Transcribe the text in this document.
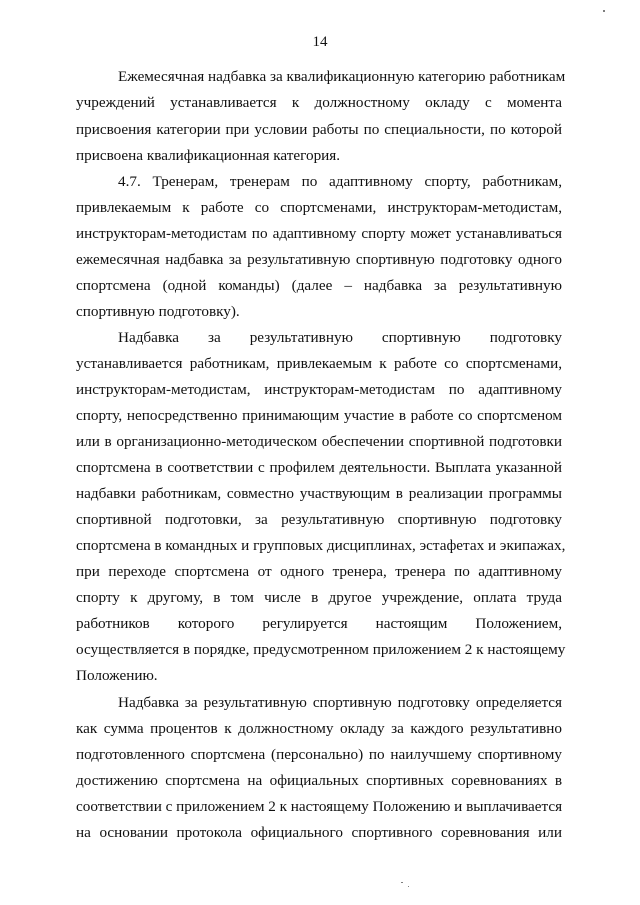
14
Ежемесячная надбавка за квалификационную категорию работникам
учреждений устанавливается к должностному окладу с момента
присвоения категории при условии работы по специальности, по которой
присвоена квалификационная категория.
4.7. Тренерам, тренерам по адаптивному спорту, работникам,
привлекаемым к работе со спортсменами, инструкторам-методистам,
инструкторам-методистам по адаптивному спорту может устанавливаться
ежемесячная надбавка за результативную спортивную подготовку одного
спортсмена (одной команды) (далее – надбавка за результативную
спортивную подготовку).
Надбавка за результативную спортивную подготовку
устанавливается работникам, привлекаемым к работе со спортсменами,
инструкторам-методистам, инструкторам-методистам по адаптивному
спорту, непосредственно принимающим участие в работе со спортсменом
или в организационно-методическом обеспечении спортивной подготовки
спортсмена в соответствии с профилем деятельности. Выплата указанной
надбавки работникам, совместно участвующим в реализации программы
спортивной подготовки, за результативную спортивную подготовку
спортсмена в командных и групповых дисциплинах, эстафетах и экипажах,
при переходе спортсмена от одного тренера, тренера по адаптивному
спорту к другому, в том числе в другое учреждение, оплата труда
работников которого регулируется настоящим Положением,
осуществляется в порядке, предусмотренном приложением 2 к настоящему
Положению.
Надбавка за результативную спортивную подготовку определяется
как сумма процентов к должностному окладу за каждого результативно
подготовленного спортсмена (персонально) по наилучшему спортивному
достижению спортсмена на официальных спортивных соревнованиях в
соответствии с приложением 2 к настоящему Положению и выплачивается
на основании протокола официального спортивного соревнования или
